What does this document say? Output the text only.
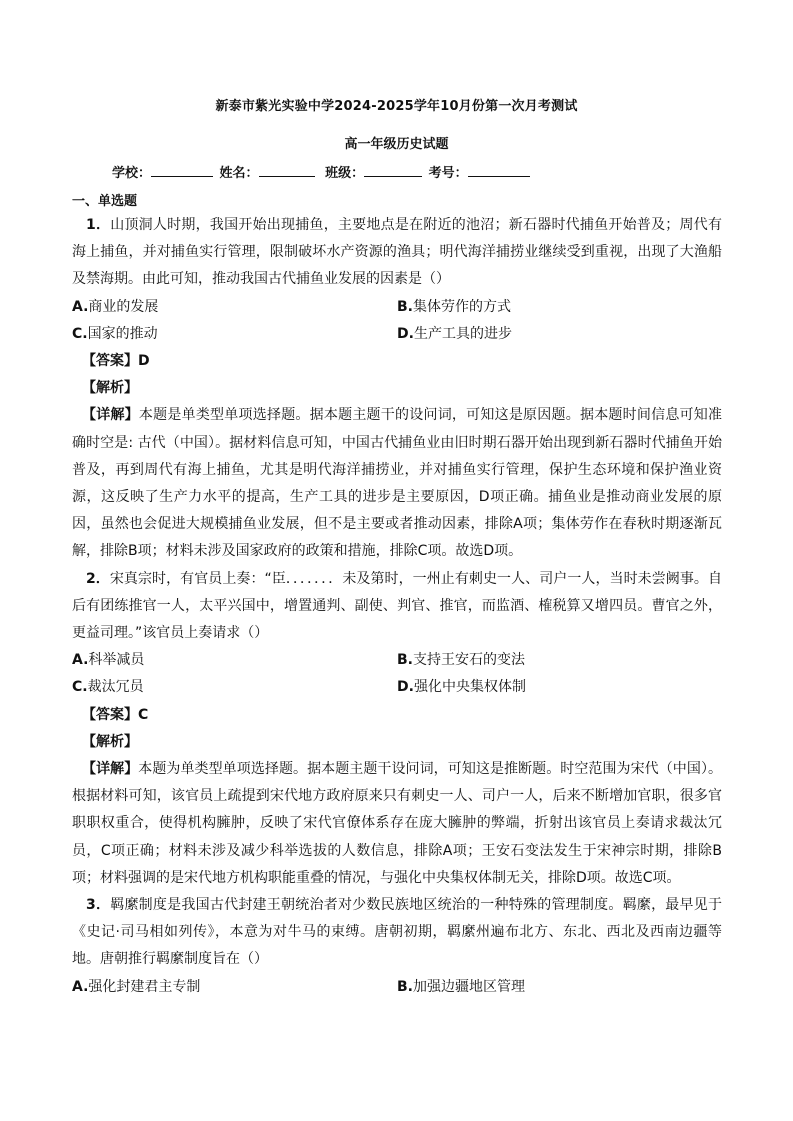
新泰市紫光实验中学2024-2025学年10月份第一次月考测试
高一年级历史试题
学校：	姓名：	班级：	考号：
一、单选题

1．山顶洞人时期，我国开始出现捕鱼，主要地点是在附近的池沼；新石器时代捕鱼开始普及；周代有海上捕鱼，并对捕鱼实行管理，限制破坏水产资源的渔具；明代海洋捕捞业继续受到重视，出现了大渔船及禁海期。由此可知，推动我国古代捕鱼业发展的因素是（）

A.商业的发展	B.集体劳作的方式
C.国家的推动	D.生产工具的进步

【答案】D

【解析】

【详解】本题是单类型单项选择题。据本题主题干的设问词，可知这是原因题。据本题时间信息可知准确时空是: 古代（中国）。据材料信息可知，中国古代捕鱼业由旧时期石器开始出现到新石器时代捕鱼开始普及，再到周代有海上捕鱼，尤其是明代海洋捕捞业，并对捕鱼实行管理，保护生态环境和保护渔业资源，这反映了生产力水平的提高，生产工具的进步是主要原因，D项正确。捕鱼业是推动商业发展的原因，虽然也会促进大规模捕鱼业发展，但不是主要或者推动因素，排除A项；集体劳作在春秋时期逐渐瓦解，排除B项；材料未涉及国家政府的政策和措施，排除C项。故选D项。

2．宋真宗时，有官员上奏：“臣．．．．．．．未及第时，一州止有刺史一人、司户一人，当时未尝阙事。自后有团练推官一人，太平兴国中，增置通判、副使、判官、推官，而监酒、榷税算又增四员。曹官之外，更益司理。”该官员上奏请求（）

A.科举减员	B.支持王安石的变法
C.裁汰冗员	D.强化中央集权体制

【答案】C

【解析】

【详解】本题为单类型单项选择题。据本题主题干设问词，可知这是推断题。时空范围为宋代（中国）。根据材料可知，该官员上疏提到宋代地方政府原来只有刺史一人、司户一人，后来不断增加官职，很多官职职权重合，使得机构臃肿，反映了宋代官僚体系存在庞大臃肿的弊端，折射出该官员上奏请求裁汰冗员，C项正确；材料未涉及减少科举选拔的人数信息，排除A项；王安石变法发生于宋神宗时期，排除B项；材料强调的是宋代地方机构职能重叠的情况，与强化中央集权体制无关，排除D项。故选C项。

3．羁縻制度是我国古代封建王朝统治者对少数民族地区统治的一种特殊的管理制度。羁縻，最早见于《史记·司马相如列传》，本意为对牛马的束缚。唐朝初期，羁縻州遍布北方、东北、西北及西南边疆等地。唐朝推行羁縻制度旨在（）

A.强化封建君主专制	B.加强边疆地区管理
